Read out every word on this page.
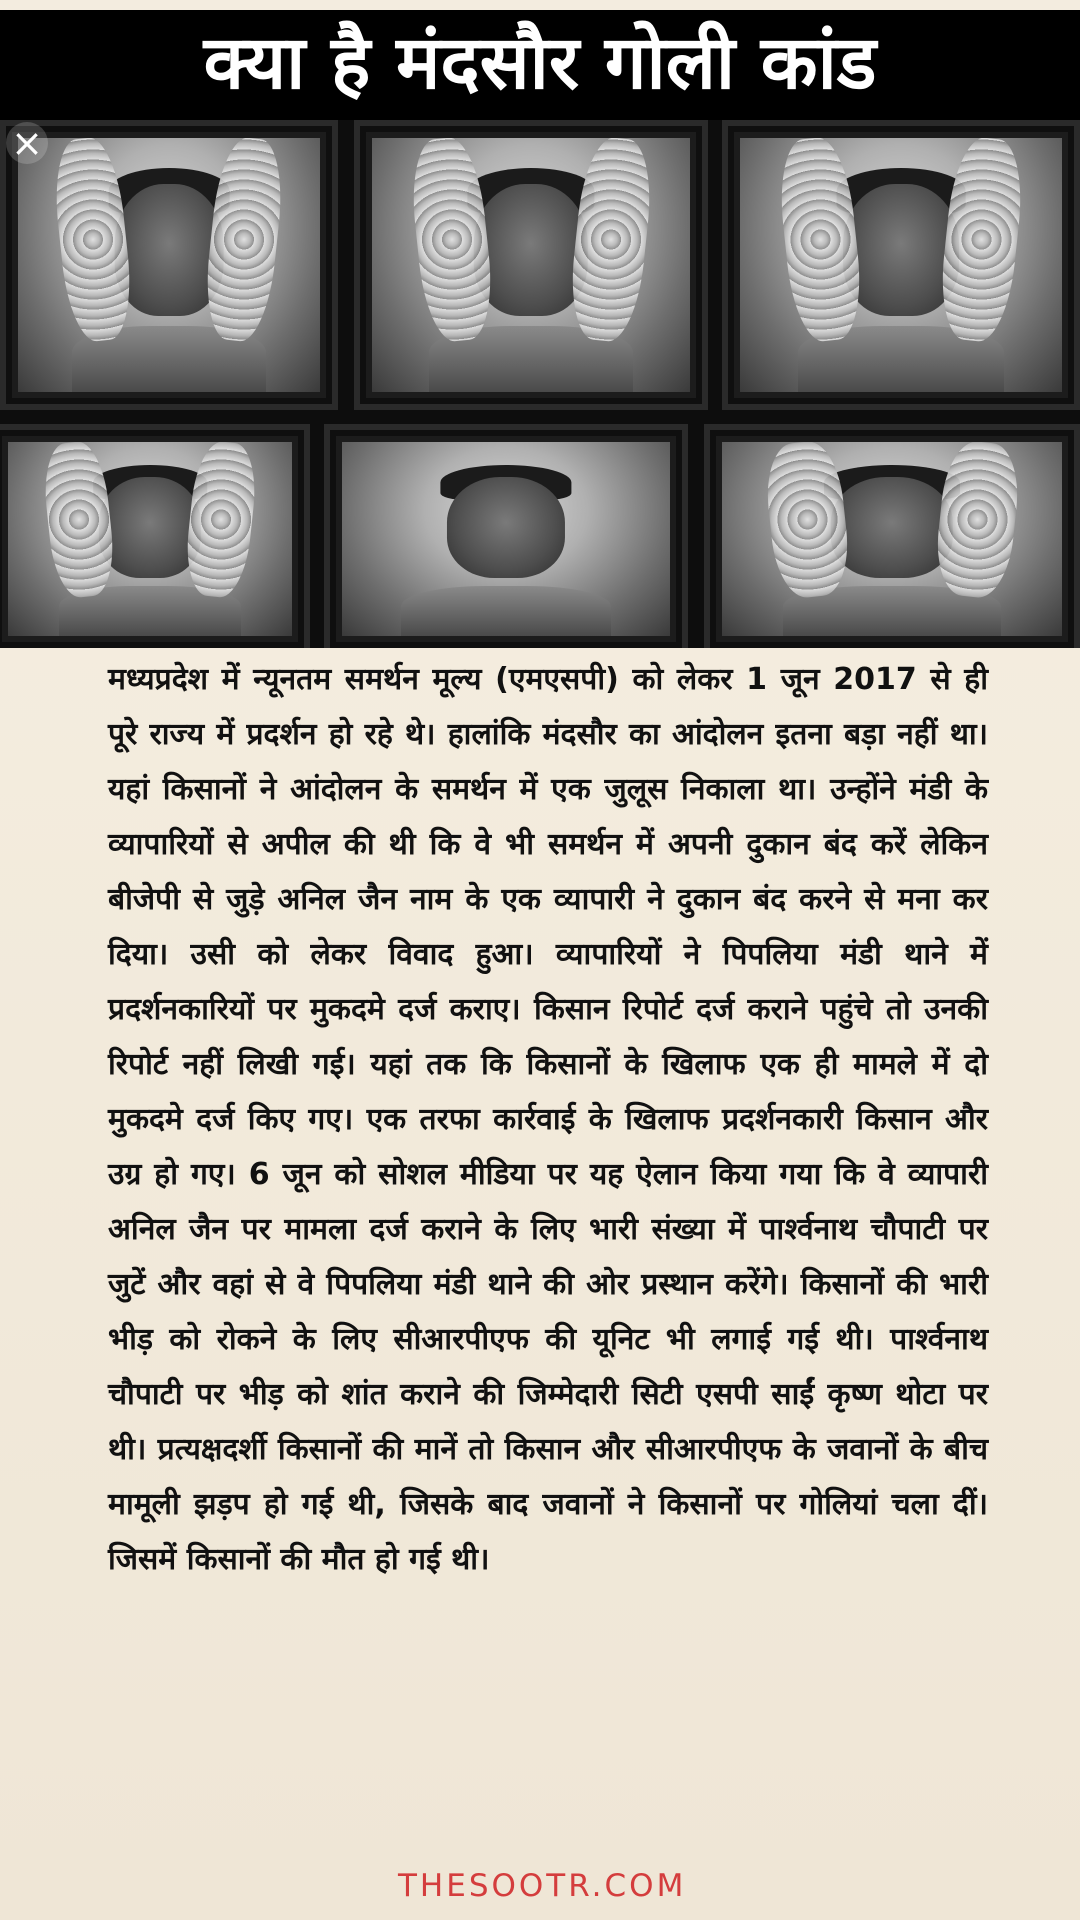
क्या है मंदसौर गोली कांड
×
मध्यप्रदेश में न्यूनतम समर्थन मूल्य (एमएसपी) को लेकर 1 जून 2017 से ही पूरे राज्य में प्रदर्शन हो रहे थे। हालांकि मंदसौर का आंदोलन इतना बड़ा नहीं था। यहां किसानों ने आंदोलन के समर्थन में एक जुलूस निकाला था। उन्होंने मंडी के व्यापारियों से अपील की थी कि वे भी समर्थन में अपनी दुकान बंद करें लेकिन बीजेपी से जुड़े अनिल जैन नाम के एक व्यापारी ने दुकान बंद करने से मना कर दिया। उसी को लेकर विवाद हुआ। व्यापारियों ने पिपलिया मंडी थाने में प्रदर्शनकारियों पर मुकदमे दर्ज कराए। किसान रिपोर्ट दर्ज कराने पहुंचे तो उनकी रिपोर्ट नहीं लिखी गई। यहां तक कि किसानों के खिलाफ एक ही मामले में दो मुकदमे दर्ज किए गए। एक तरफा कार्रवाई के खिलाफ प्रदर्शनकारी किसान और उग्र हो गए। 6 जून को सोशल मीडिया पर यह ऐलान किया गया कि वे व्यापारी अनिल जैन पर मामला दर्ज कराने के लिए भारी संख्या में पार्श्वनाथ चौपाटी पर जुटें और वहां से वे पिपलिया मंडी थाने की ओर प्रस्थान करेंगे। किसानों की भारी भीड़ को रोकने के लिए सीआरपीएफ की यूनिट भी लगाई गई थी। पार्श्वनाथ चौपाटी पर भीड़ को शांत कराने की जिम्मेदारी सिटी एसपी साईं कृष्ण थोटा पर थी। प्रत्यक्षदर्शी किसानों की मानें तो किसान और सीआरपीएफ के जवानों के बीच मामूली झड़प हो गई थी, जिसके बाद जवानों ने किसानों पर गोलियां चला दीं। जिसमें किसानों की मौत हो गई थी।
THESOOTR.COM
